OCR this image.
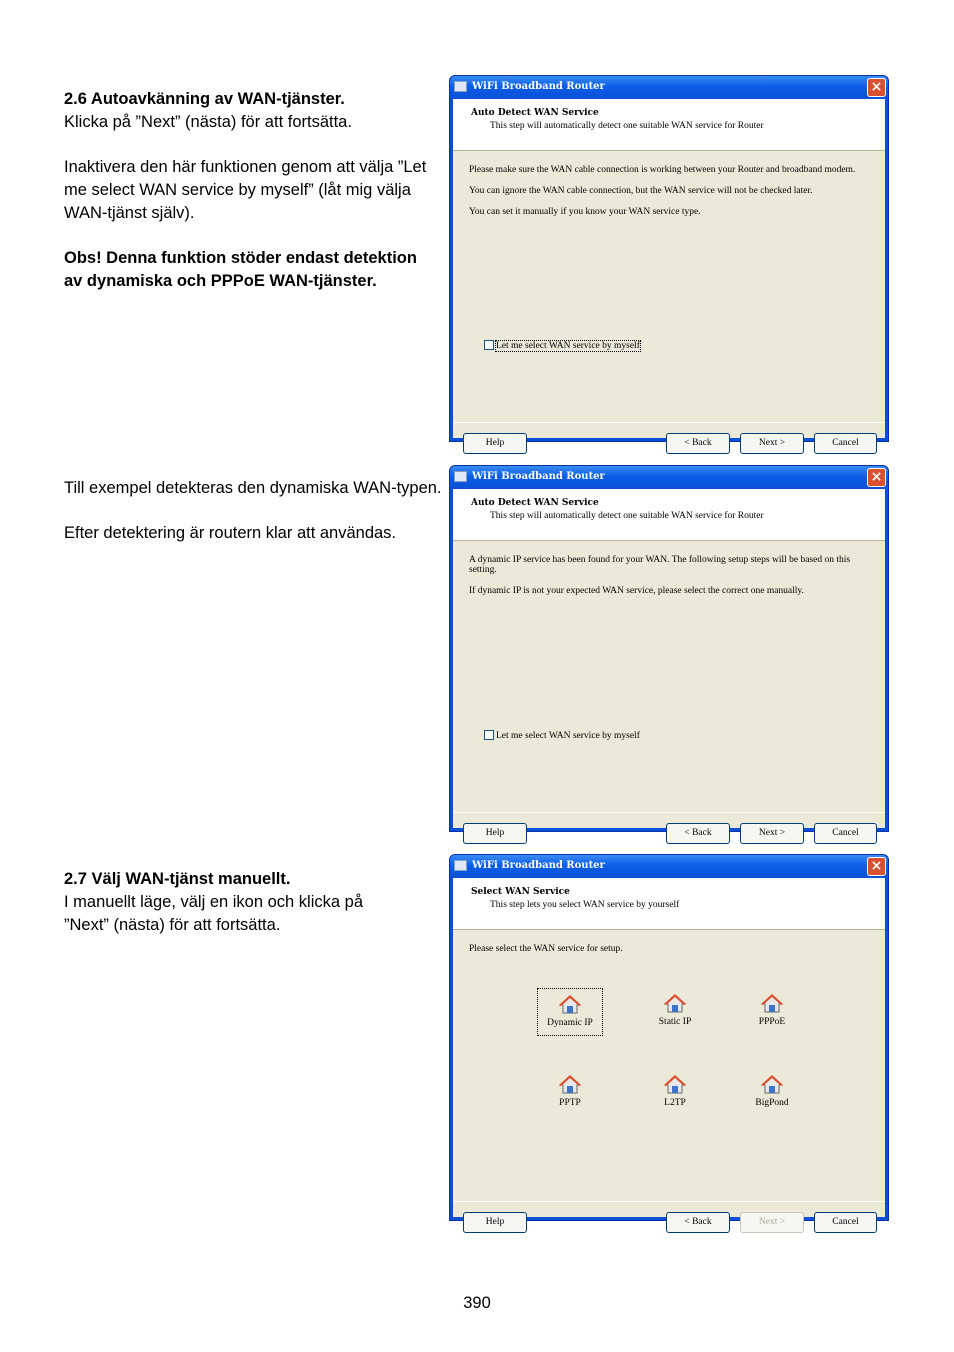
2.6 Autoavkänning av WAN-tjänster.
Klicka på ”Next” (nästa) för att fortsätta.

Inaktivera den här funktionen genom att välja ”Let me select WAN service by myself” (låt mig välja WAN-tjänst själv).

Obs! Denna funktion stöder endast detektion av dynamiska och PPPoE WAN-tjänster.

Till exempel detekteras den dynamiska WAN-typen.

Efter detektering är routern klar att användas.

2.7 Välj WAN-tjänst manuellt.
I manuellt läge, välj en ikon och klicka på ”Next” (nästa) för att fortsätta.

WiFi Broadband Router	×
Auto Detect WAN Service
This step will automatically detect one suitable WAN service for Router

Please make sure the WAN cable connection is working between your Router and broadband modem.

You can ignore the WAN cable connection, but the WAN service will not be checked later.

You can set it manually if you know your WAN service type.

Let me select WAN service by myself
Help	< Back	Next >	Cancel
WiFi Broadband Router	×
Auto Detect WAN Service
This step will automatically detect one suitable WAN service for Router

A dynamic IP service has been found for your WAN. The following setup steps will be based on this setting.

If dynamic IP is not your expected WAN service, please select the correct one manually.

Let me select WAN service by myself
Help	< Back	Next >	Cancel
WiFi Broadband Router	×
Select WAN Service
This step lets you select WAN service by yourself

Please select the WAN service for setup.

Dynamic IP	Static IP	PPPoE
PPTP	L2TP	BigPond
Help	< Back	Next >	Cancel
390
